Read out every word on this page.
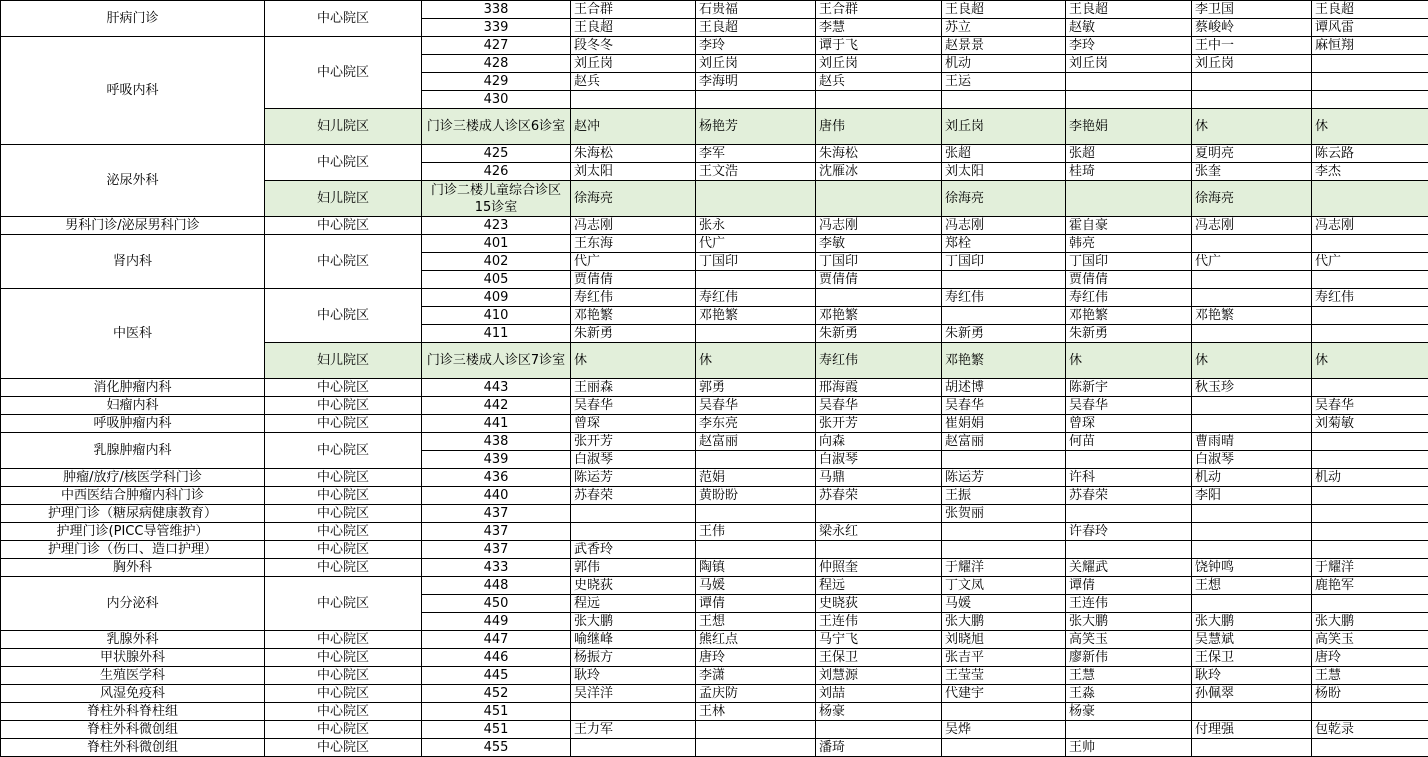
肝病门诊	中心院区	338	王合群	石贵福	王合群	王良超	王良超	李卫国	王良超
		339	王良超	王良超	李慧	苏立	赵敏	蔡峻岭	谭风雷
呼吸内科	中心院区	427	段冬冬	李玲	谭于飞	赵景景	李玲	王中一	麻恒翔
		428	刘丘岗	刘丘岗	刘丘岗	机动	刘丘岗	刘丘岗	
		429	赵兵	李海明	赵兵	王运			
		430							
	妇儿院区	门诊三楼成人诊区6诊室	赵冲	杨艳芳	唐伟	刘丘岗	李艳娟	休	休
泌尿外科	中心院区	425	朱海松	李军	朱海松	张超	张超	夏明亮	陈云路
		426	刘太阳	王文浩	沈雁冰	刘太阳	桂琦	张奎	李杰
	妇儿院区	门诊二楼儿童综合诊区15诊室	徐海亮			徐海亮		徐海亮	
男科门诊/泌尿男科门诊	中心院区	423	冯志刚	张永	冯志刚	冯志刚	霍自豪	冯志刚	冯志刚
肾内科	中心院区	401	王东海	代广	李敏	郑栓	韩亮		
		402	代广	丁国印	丁国印	丁国印	丁国印	代广	代广
		405	贾倩倩		贾倩倩		贾倩倩		
中医科	中心院区	409	寿红伟	寿红伟		寿红伟	寿红伟		寿红伟
		410	邓艳繁	邓艳繁	邓艳繁		邓艳繁	邓艳繁	
		411	朱新勇		朱新勇	朱新勇	朱新勇		
	妇儿院区	门诊三楼成人诊区7诊室	休	休	寿红伟	邓艳繁	休	休	休
消化肿瘤内科	中心院区	443	王丽森	郭勇	邢海霞	胡述博	陈新宇	秋玉珍	
妇瘤内科	中心院区	442	吴春华	吴春华	吴春华	吴春华	吴春华		吴春华
呼吸肿瘤内科	中心院区	441	曾琛	李东亮	张开芳	崔娟娟	曾琛		刘菊敏
乳腺肿瘤内科	中心院区	438	张开芳	赵富丽	向森	赵富丽	何苗	曹雨晴	
		439	白淑琴		白淑琴			白淑琴	
肿瘤/放疗/核医学科门诊	中心院区	436	陈运芳	范娟	马鼎	陈运芳	许科	机动	机动
中西医结合肿瘤内科门诊	中心院区	440	苏春荣	黄盼盼	苏春荣	王振	苏春荣	李阳	
护理门诊（糖尿病健康教育）	中心院区	437				张贺丽			
护理门诊(PICC导管维护）	中心院区	437		王伟	梁永红		许春玲		
护理门诊（伤口、造口护理）	中心院区	437	武香玲						
胸外科	中心院区	433	郭伟	陶镇	仲照奎	于耀洋	关耀武	饶钟鸣	于耀洋
内分泌科	中心院区	448	史晓荻	马媛	程远	丁文凤	谭倩	王想	鹿艳军
		450	程远	谭倩	史晓荻	马媛	王连伟		
		449	张大鹏	王想	王连伟	张大鹏	张大鹏	张大鹏	张大鹏
乳腺外科	中心院区	447	喻继峰	熊红点	马宁飞	刘晓旭	高笑玉	吴慧斌	高笑玉
甲状腺外科	中心院区	446	杨振方	唐玲	王保卫	张吉平	廖新伟	王保卫	唐玲
生殖医学科	中心院区	445	耿玲	李潇	刘慧源	王莹莹	王慧	耿玲	王慧
风湿免疫科	中心院区	452	吴洋洋	孟庆防	刘喆	代建宇	王淼	孙佩翠	杨盼
脊柱外科脊柱组	中心院区	451		王林	杨豪		杨豪		
脊柱外科微创组	中心院区	451	王力军			吴烨		付理强	包乾录
脊柱外科微创组	中心院区	455			潘琦		王帅		
